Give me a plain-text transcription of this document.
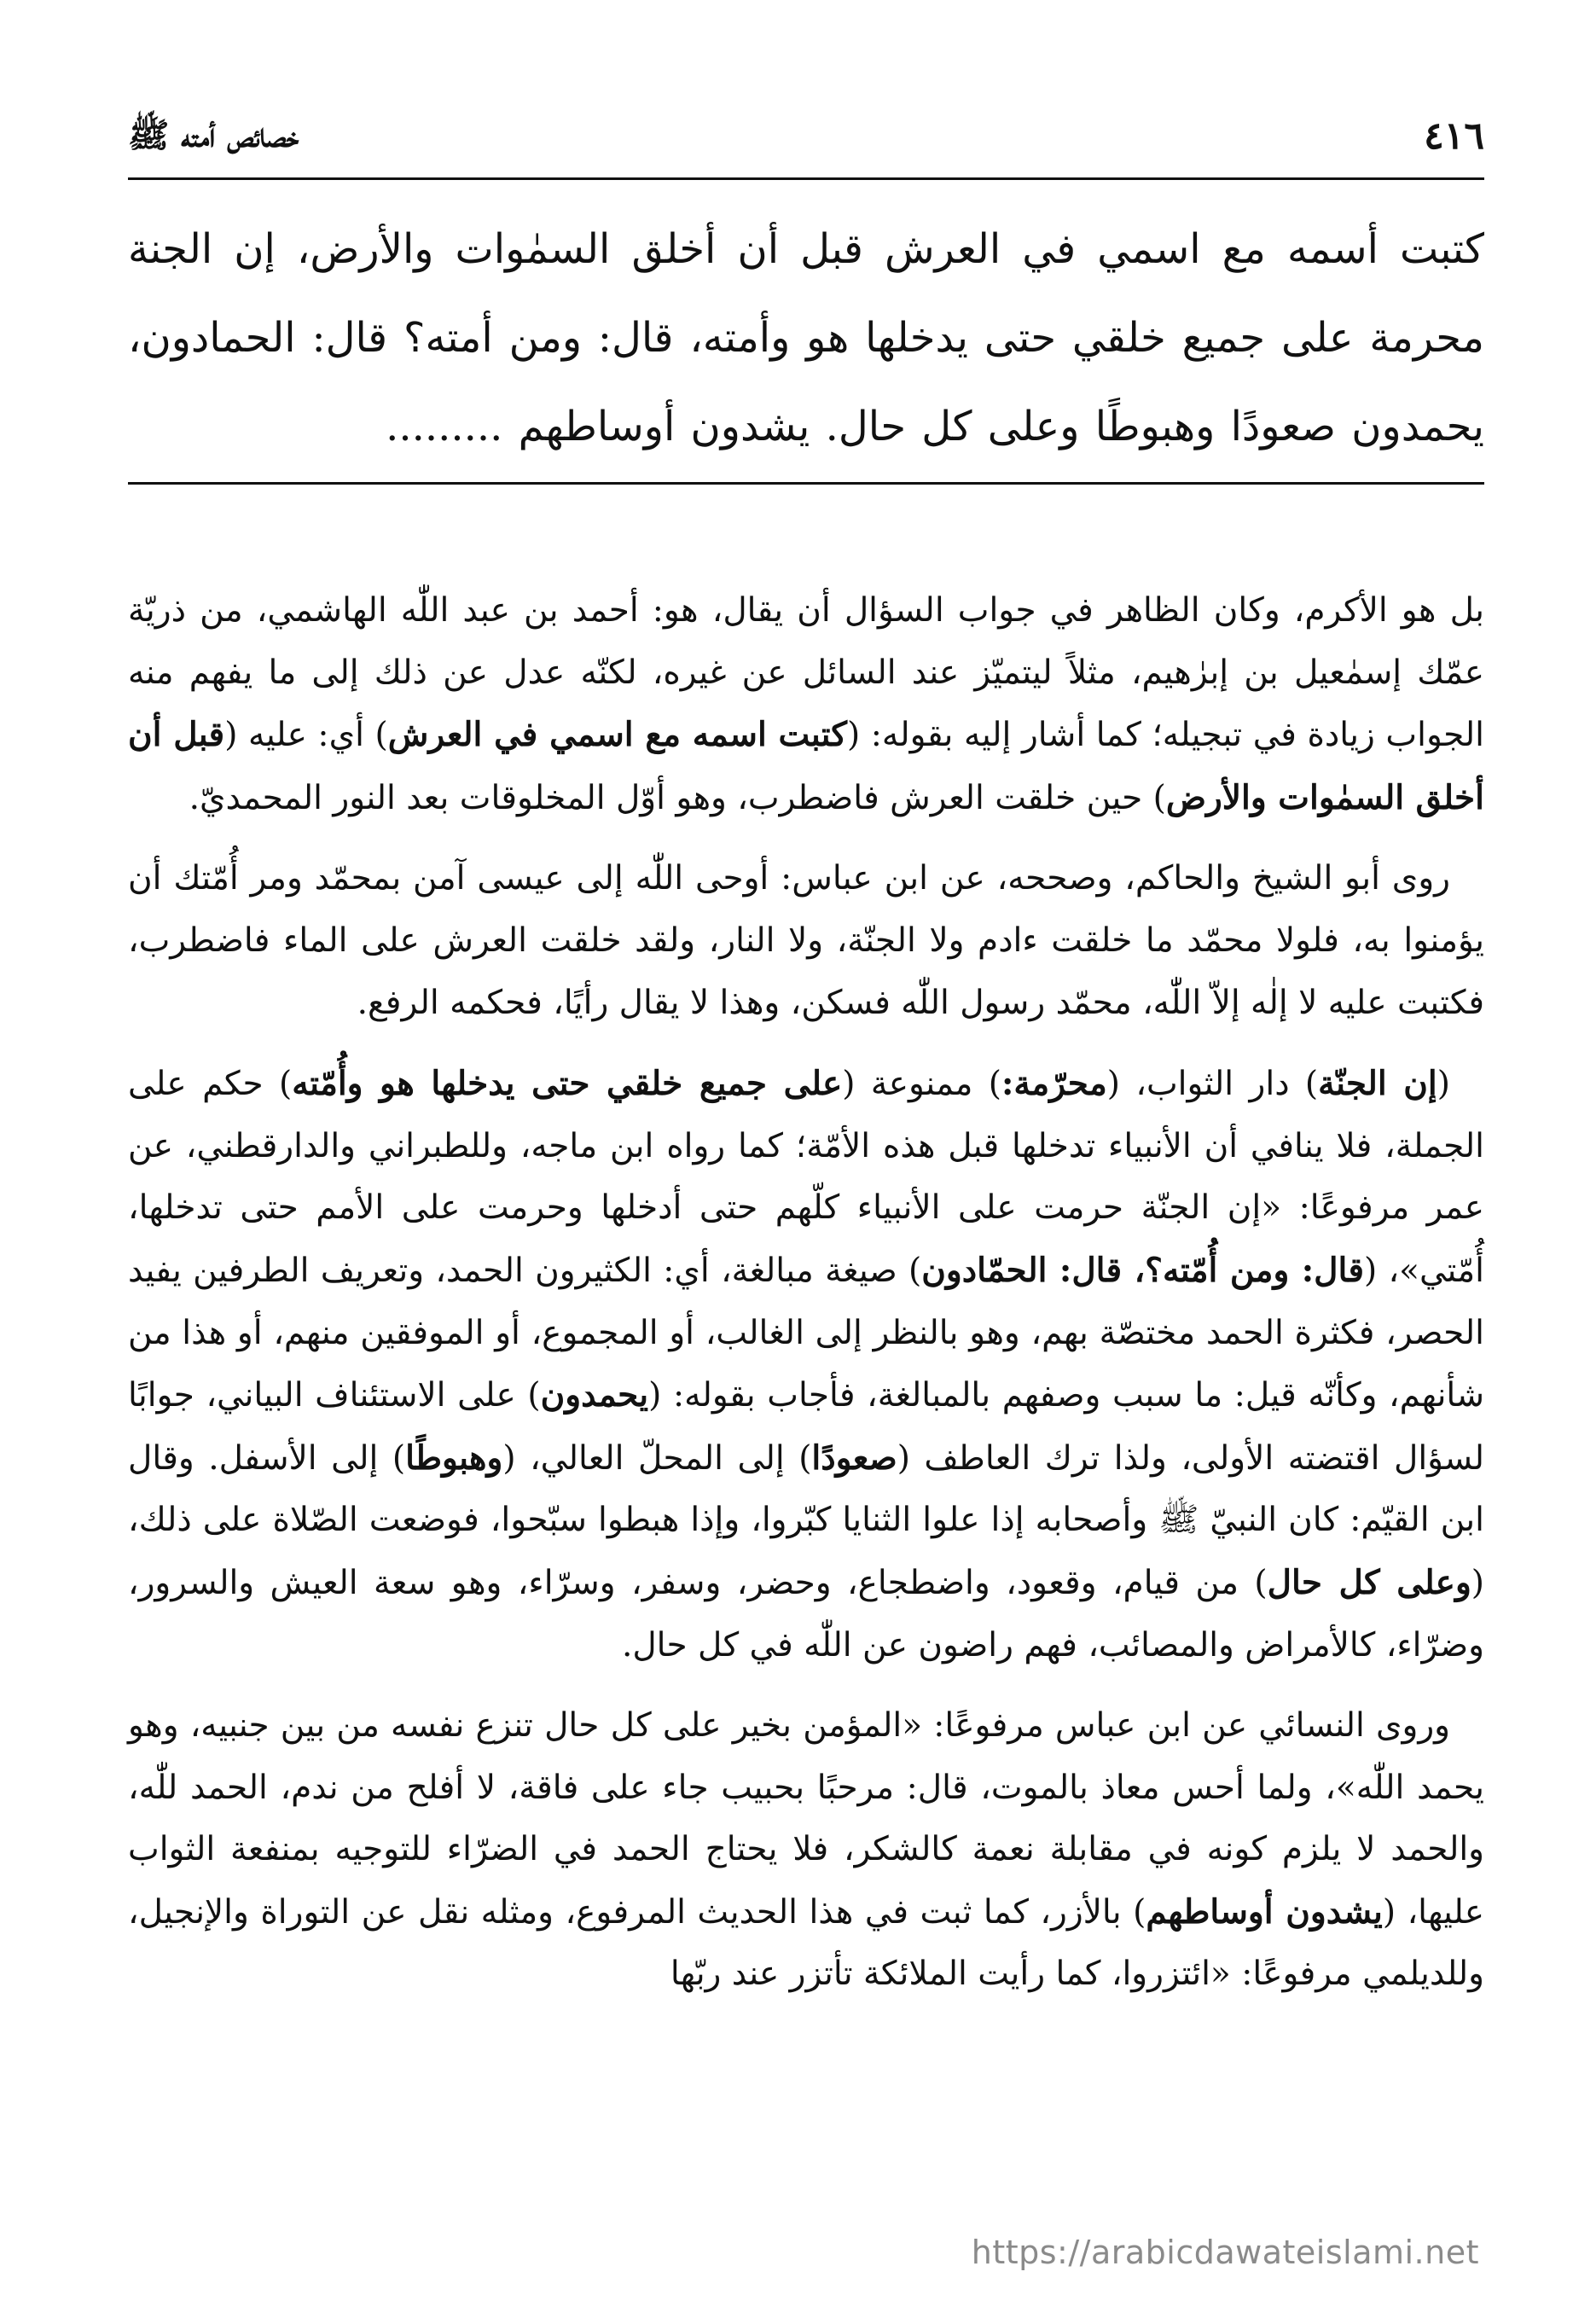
٤١٦
خصائص أمته ﷺ
كتبت أسمه مع اسمي في العرش قبل أن أخلق السمٰوات والأرض، إن الجنة محرمة على جميع خلقي حتى يدخلها هو وأمته، قال: ومن أمته؟ قال: الحمادون، يحمدون صعودًا وهبوطًا وعلى كل حال. يشدون أوساطهم .........

بل هو الأكرم، وكان الظاهر في جواب السؤال أن يقال، هو: أحمد بن عبد اللّٰه الهاشمي، من ذريّة عمّك إسمٰعيل بن إبرٰهيم، مثلاً ليتميّز عند السائل عن غيره، لكنّه عدل عن ذلك إلى ما يفهم منه الجواب زيادة في تبجيله؛ كما أشار إليه بقوله: (كتبت اسمه مع اسمي في العرش) أي: عليه (قبل أن أخلق السمٰوات والأرض) حين خلقت العرش فاضطرب، وهو أوّل المخلوقات بعد النور المحمديّ.

روى أبو الشيخ والحاكم، وصححه، عن ابن عباس: أوحى اللّٰه إلى عيسى آمن بمحمّد ومر أُمّتك أن يؤمنوا به، فلولا محمّد ما خلقت ءادم ولا الجنّة، ولا النار، ولقد خلقت العرش على الماء فاضطرب، فكتبت عليه لا إلٰه إلاّ اللّٰه، محمّد رسول اللّٰه فسكن، وهذا لا يقال رأيًا، فحكمه الرفع.

(إن الجنّة) دار الثواب، (محرّمة:) ممنوعة (على جميع خلقي حتى يدخلها هو وأُمّته) حكم على الجملة، فلا ينافي أن الأنبياء تدخلها قبل هذه الأمّة؛ كما رواه ابن ماجه، وللطبراني والدارقطني، عن عمر مرفوعًا: «إن الجنّة حرمت على الأنبياء كلّهم حتى أدخلها وحرمت على الأمم حتى تدخلها، أُمّتي»، (قال: ومن أُمّته؟، قال: الحمّادون) صيغة مبالغة، أي: الكثيرون الحمد، وتعريف الطرفين يفيد الحصر، فكثرة الحمد مختصّة بهم، وهو بالنظر إلى الغالب، أو المجموع، أو الموفقين منهم، أو هذا من شأنهم، وكأنّه قيل: ما سبب وصفهم بالمبالغة، فأجاب بقوله: (يحمدون) على الاستئناف البياني، جوابًا لسؤال اقتضته الأولى، ولذا ترك العاطف (صعودًا) إلى المحلّ العالي، (وهبوطًا) إلى الأسفل. وقال ابن القيّم: كان النبيّ ﷺ وأصحابه إذا علوا الثنايا كبّروا، وإذا هبطوا سبّحوا، فوضعت الصّلاة على ذلك، (وعلى كل حال) من قيام، وقعود، واضطجاع، وحضر، وسفر، وسرّاء، وهو سعة العيش والسرور، وضرّاء، كالأمراض والمصائب، فهم راضون عن اللّٰه في كل حال.

وروى النسائي عن ابن عباس مرفوعًا: «المؤمن بخير على كل حال تنزع نفسه من بين جنبيه، وهو يحمد اللّٰه»، ولما أحس معاذ بالموت، قال: مرحبًا بحبيب جاء على فاقة، لا أفلح من ندم، الحمد للّٰه، والحمد لا يلزم كونه في مقابلة نعمة كالشكر، فلا يحتاج الحمد في الضرّاء للتوجيه بمنفعة الثواب عليها، (يشدون أوساطهم) بالأزر، كما ثبت في هذا الحديث المرفوع، ومثله نقل عن التوراة والإنجيل، وللديلمي مرفوعًا: «ائتزروا، كما رأيت الملائكة تأتزر عند ربّها

https://arabicdawateislami.net
